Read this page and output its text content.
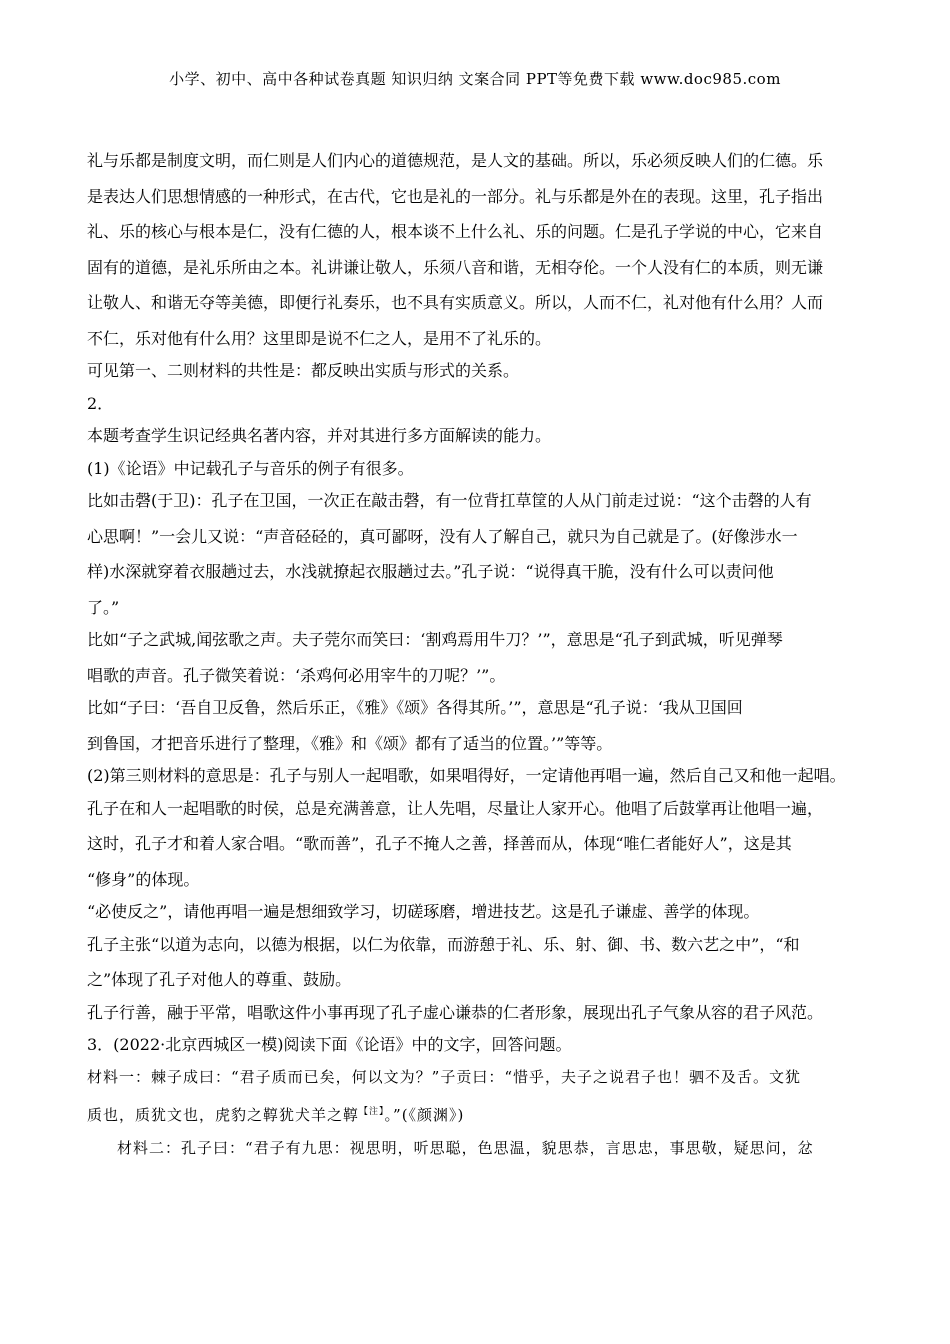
小学、初中、高中各种试卷真题 知识归纳 文案合同 PPT等免费下载 www.doc985.com
礼与乐都是制度文明，而仁则是人们内心的道德规范，是人文的基础。所以，乐必须反映人们的仁德。乐
是表达人们思想情感的一种形式，在古代，它也是礼的一部分。礼与乐都是外在的表现。这里，孔子指出
礼、乐的核心与根本是仁，没有仁德的人，根本谈不上什么礼、乐的问题。仁是孔子学说的中心，它来自
固有的道德，是礼乐所由之本。礼讲谦让敬人，乐须八音和谐，无相夺伦。一个人没有仁的本质，则无谦
让敬人、和谐无夺等美德，即便行礼奏乐，也不具有实质意义。所以，人而不仁，礼对他有什么用？人而
不仁，乐对他有什么用？这里即是说不仁之人，是用不了礼乐的。
可见第一、二则材料的共性是：都反映出实质与形式的关系。
2．
本题考查学生识记经典名著内容，并对其进行多方面解读的能力。
(1)《论语》中记载孔子与音乐的例子有很多。
比如击磬(于卫)：孔子在卫国，一次正在敲击磬，有一位背扛草筐的人从门前走过说：“这个击磬的人有
心思啊！”一会儿又说：“声音硁硁的，真可鄙呀，没有人了解自己，就只为自己就是了。(好像涉水一
样)水深就穿着衣服趟过去，水浅就撩起衣服趟过去。”孔子说：“说得真干脆，没有什么可以责问他
了。”
比如“子之武城,闻弦歌之声。夫子莞尔而笑曰：‘割鸡焉用牛刀？’”，意思是“孔子到武城，听见弹琴
唱歌的声音。孔子微笑着说：‘杀鸡何必用宰牛的刀呢？’”。
比如“子曰：‘吾自卫反鲁，然后乐正，《雅》《颂》各得其所。’”，意思是“孔子说：‘我从卫国回
到鲁国，才把音乐进行了整理，《雅》和《颂》都有了适当的位置。’”等等。
(2)第三则材料的意思是：孔子与别人一起唱歌，如果唱得好，一定请他再唱一遍，然后自己又和他一起唱。
孔子在和人一起唱歌的时侯，总是充满善意，让人先唱，尽量让人家开心。他唱了后鼓掌再让他唱一遍，
这时，孔子才和着人家合唱。“歌而善”，孔子不掩人之善，择善而从，体现“唯仁者能好人”，这是其
“修身”的体现。
“必使反之”，请他再唱一遍是想细致学习，切磋琢磨，增进技艺。这是孔子谦虚、善学的体现。
孔子主张“以道为志向，以德为根据，以仁为依靠，而游憩于礼、乐、射、御、书、数六艺之中”，“和
之”体现了孔子对他人的尊重、鼓励。
孔子行善，融于平常，唱歌这件小事再现了孔子虚心谦恭的仁者形象，展现出孔子气象从容的君子风范。
3．(2022·北京西城区一模)阅读下面《论语》中的文字，回答问题。
材料一：棘子成曰：“君子质而已矣，何以文为？”子贡曰：“惜乎，夫子之说君子也！驷不及舌。文犹
质也，质犹文也，虎豹之鞟犹犬羊之鞟$^{【注】}$。”(《颜渊》)
材料二：孔子曰：“君子有九思：视思明，听思聪，色思温，貌思恭，言思忠，事思敬，疑思问，忿
